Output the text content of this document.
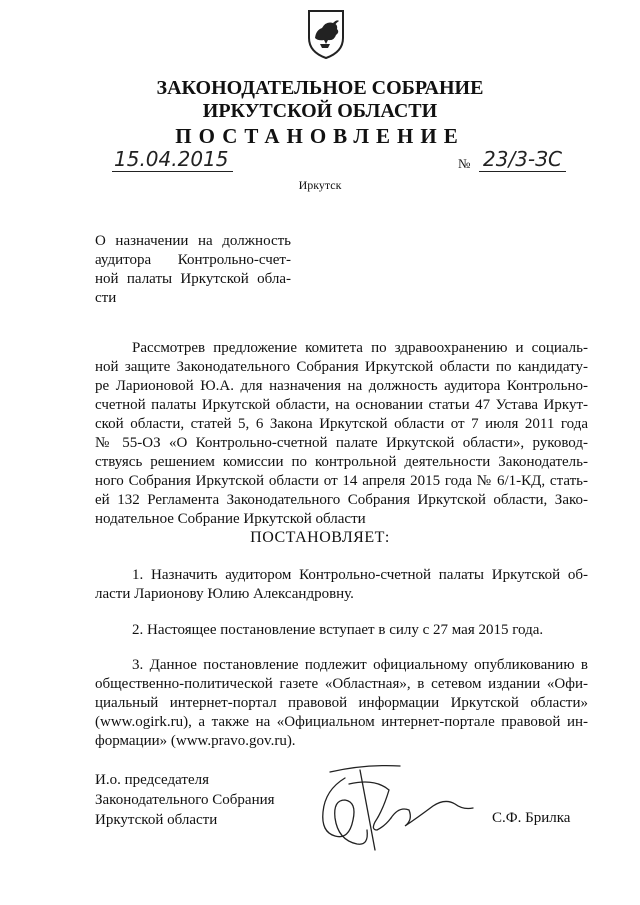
ЗАКОНОДАТЕЛЬНОЕ СОБРАНИЕ
ИРКУТСКОЙ ОБЛАСТИ
ПОСТАНОВЛЕНИЕ
15.04.2015	№ 23/3-ЗС
Иркутск
О назначении на должность
аудитора Контрольно-счет-
ной палаты Иркутской обла-
сти
Рассмотрев предложение комитета по здравоохранению и социаль-
ной защите Законодательного Собрания Иркутской области по кандидату-
ре Ларионовой Ю.А. для назначения на должность аудитора Контрольно-
счетной палаты Иркутской области, на основании статьи 47 Устава Иркут-
ской области, статей 5, 6 Закона Иркутской области от 7 июля 2011 года
№ 55-ОЗ «О Контрольно-счетной палате Иркутской области», руковод-
ствуясь решением комиссии по контрольной деятельности Законодатель-
ного Собрания Иркутской области от 14 апреля 2015 года № 6/1-КД, стать-
ей 132 Регламента Законодательного Собрания Иркутской области, Зако-
нодательное Собрание Иркутской области
ПОСТАНОВЛЯЕТ:
1. Назначить аудитором Контрольно-счетной палаты Иркутской об-
ласти Ларионову Юлию Александровну.
2. Настоящее постановление вступает в силу с 27 мая 2015 года.
3. Данное постановление подлежит официальному опубликованию в
общественно-политической газете «Областная», в сетевом издании «Офи-
циальный интернет-портал правовой информации Иркутской области»
(www.ogirk.ru), а также на «Официальном интернет-портале правовой ин-
формации» (www.pravo.gov.ru).
И.о. председателя
Законодательного Собрания
Иркутской области	С.Ф. Брилка
